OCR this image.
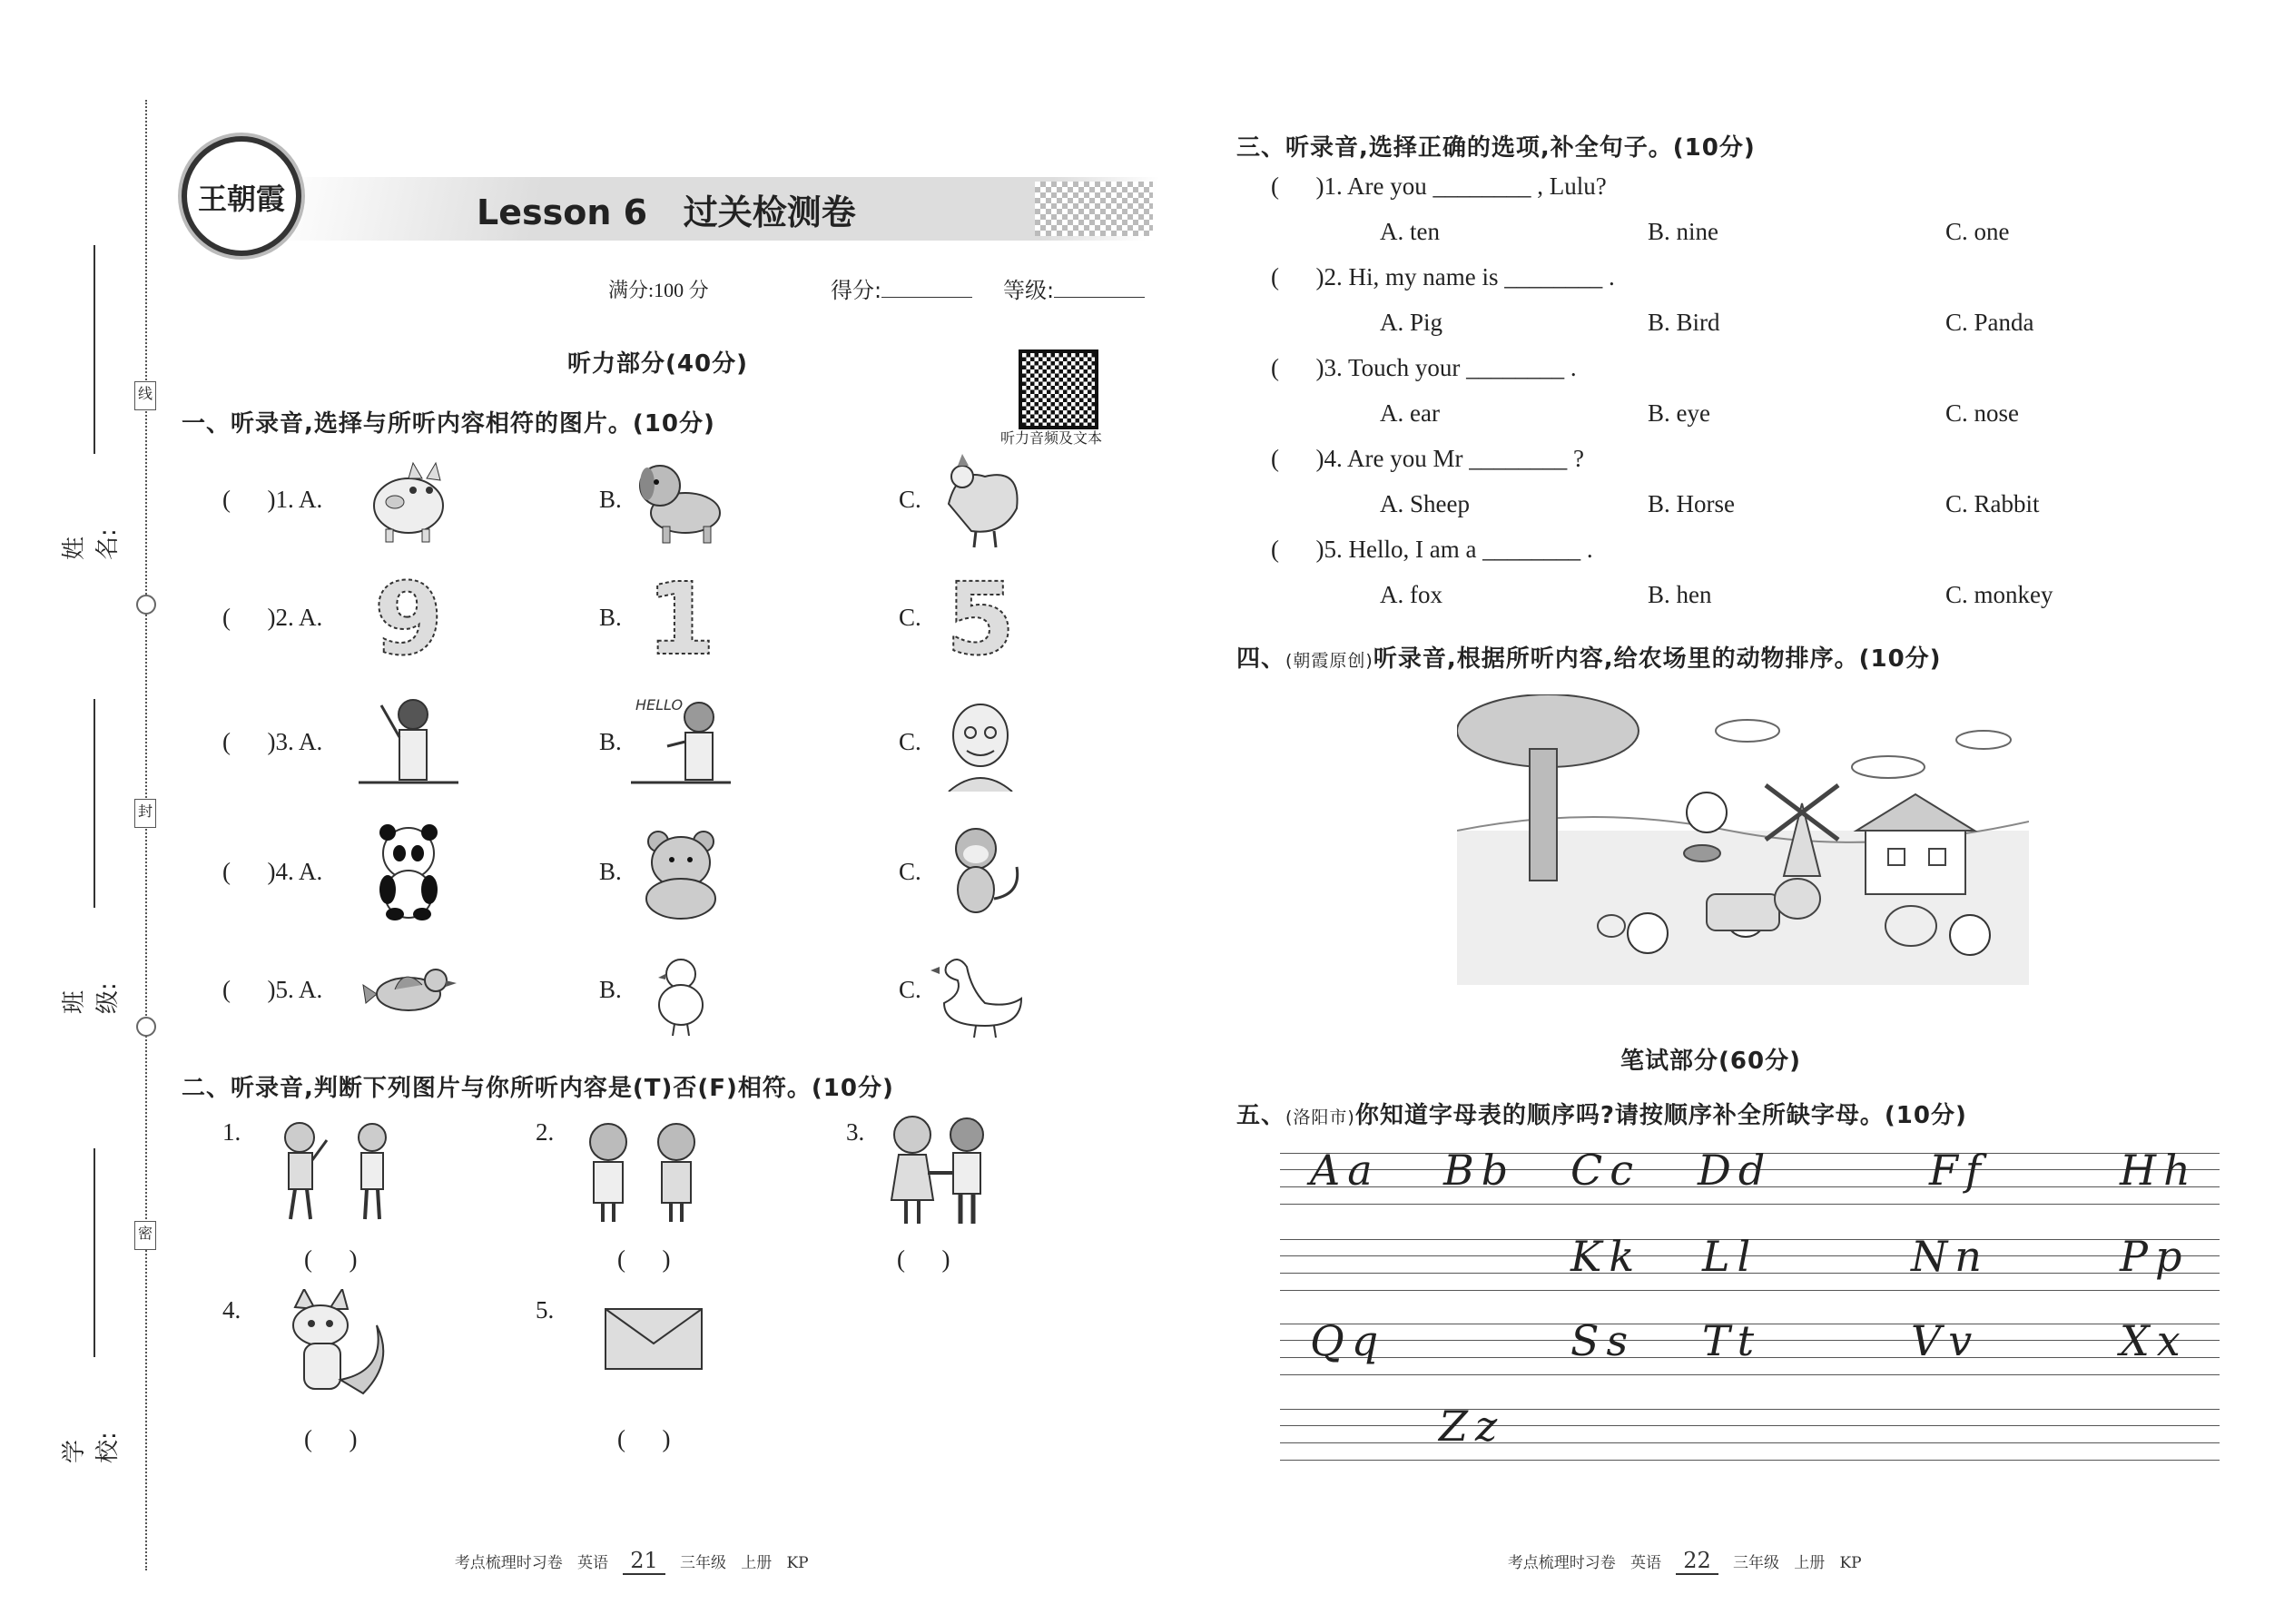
线
封
密
姓名:
班级:
学校:
王朝霞	Lesson 6   过关检测卷
满分:100 分	得分:	等级:
听力部分(40分)
听力音频及文本
一、听录音,选择与所听内容相符的图片。(10分)
(      )1. A.	B.	C.
(      )2. A.	B.	C.
9 1 5
(      )3. A.	B.	C.
HELLO
(      )4. A.	B.	C.
(      )5. A.	B.	C.
二、听录音,判断下列图片与你所听内容是(T)否(F)相符。(10分)
1.	2.	3.
4.	5.
(      )	(      )	(      )
(      )	(      )

考点梳理时习卷 英语 21 三年级 上册 KP

三、听录音,选择正确的选项,补全句子。(10分)
(      )1. Are you ________ , Lulu?
A. ten	B. nine	C. one
(      )2. Hi, my name is ________ .
A. Pig	B. Bird	C. Panda
(      )3. Touch your ________ .
A. ear	B. eye	C. nose
(      )4. Are you Mr ________ ?
A. Sheep	B. Horse	C. Rabbit
(      )5. Hello, I am a ________ .
A. fox	B. hen	C. monkey
四、(朝霞原创)听录音,根据所听内容,给农场里的动物排序。(10分)
笔试部分(60分)
五、(洛阳市)你知道字母表的顺序吗?请按顺序补全所缺字母。(10分)
Aa Bb Cc Dd	Ff	Hh
Kk Ll	Nn	Pp
Qq	Ss Tt	Vv	Xx
Zz

考点梳理时习卷 英语 22 三年级 上册 KP
